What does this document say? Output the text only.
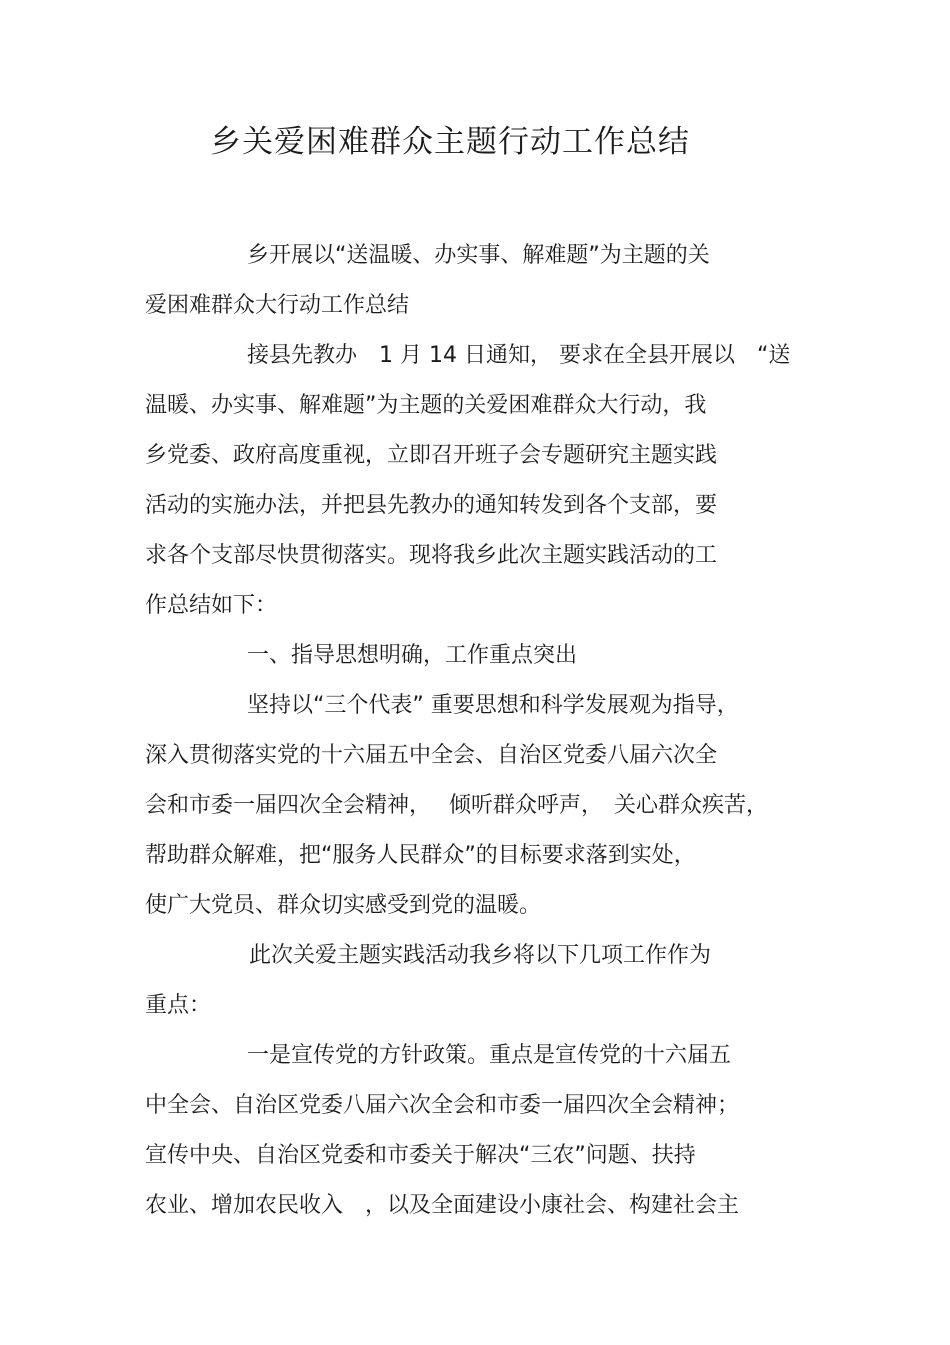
乡关爱困难群众主题行动工作总结

乡开展以“送温暖、办实事、解难题”为主题的关

爱困难群众大行动工作总结

接县先教办　1 月 14 日通知， 要求在全县开展以　“送

温暖、办实事、解难题”为主题的关爱困难群众大行动，我

乡党委、政府高度重视，立即召开班子会专题研究主题实践

活动的实施办法，并把县先教办的通知转发到各个支部，要

求各个支部尽快贯彻落实。现将我乡此次主题实践活动的工

作总结如下：

一、指导思想明确，工作重点突出

坚持以“三个代表” 重要思想和科学发展观为指导，

深入贯彻落实党的十六届五中全会、自治区党委八届六次全

会和市委一届四次全会精神，　 倾听群众呼声，　关心群众疾苦，

帮助群众解难，把“服务人民群众”的目标要求落到实处，

使广大党员、群众切实感受到党的温暖。

此次关爱主题实践活动我乡将以下几项工作作为

重点：

一是宣传党的方针政策。重点是宣传党的十六届五

中全会、自治区党委八届六次全会和市委一届四次全会精神；

宣传中央、自治区党委和市委关于解决“三农”问题、扶持

农业、增加农民收入　，以及全面建设小康社会、构建社会主
